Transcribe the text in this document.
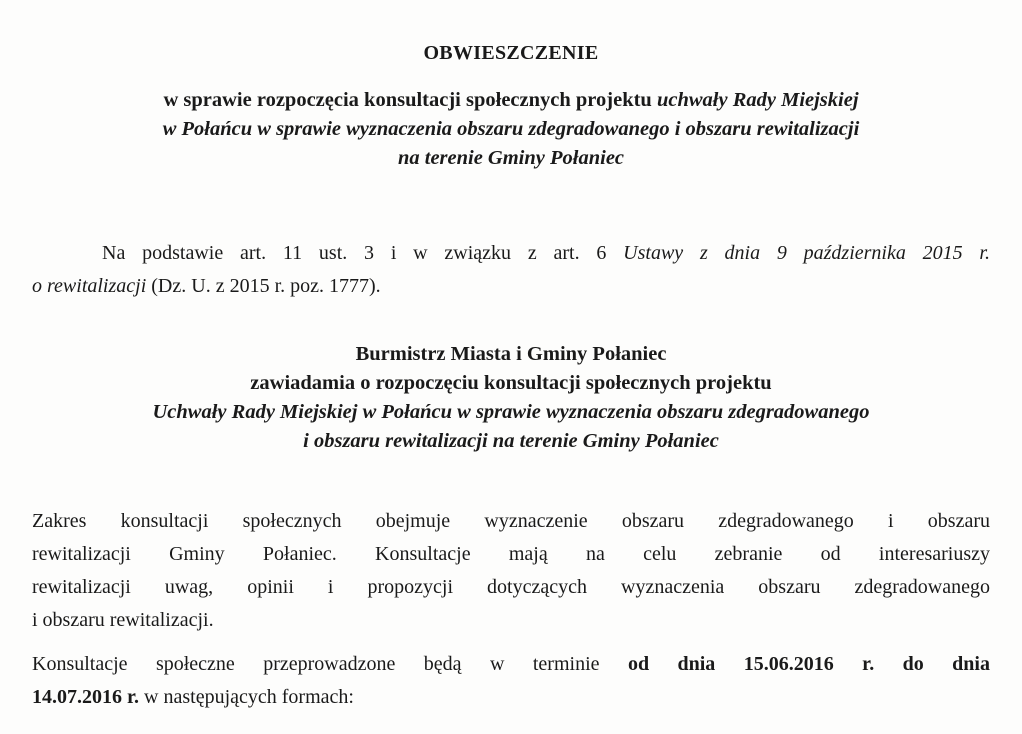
OBWIESZCZENIE
w sprawie rozpoczęcia konsultacji społecznych projektu uchwały Rady Miejskiej
w Połańcu w sprawie wyznaczenia obszaru zdegradowanego i obszaru rewitalizacji
na terenie Gminy Połaniec
Na podstawie art. 11 ust. 3 i w związku z art. 6 Ustawy z dnia 9 października 2015 r.
o rewitalizacji (Dz. U. z 2015 r. poz. 1777).
Burmistrz Miasta i Gminy Połaniec
zawiadamia o rozpoczęciu konsultacji społecznych projektu
Uchwały Rady Miejskiej w Połańcu w sprawie wyznaczenia obszaru zdegradowanego
i obszaru rewitalizacji na terenie Gminy Połaniec
Zakres konsultacji społecznych obejmuje wyznaczenie obszaru zdegradowanego i obszaru
rewitalizacji Gminy Połaniec. Konsultacje mają na celu zebranie od interesariuszy
rewitalizacji uwag, opinii i propozycji dotyczących wyznaczenia obszaru zdegradowanego
i obszaru rewitalizacji.
Konsultacje społeczne przeprowadzone będą w terminie od dnia 15.06.2016 r. do dnia
14.07.2016 r. w następujących formach:
